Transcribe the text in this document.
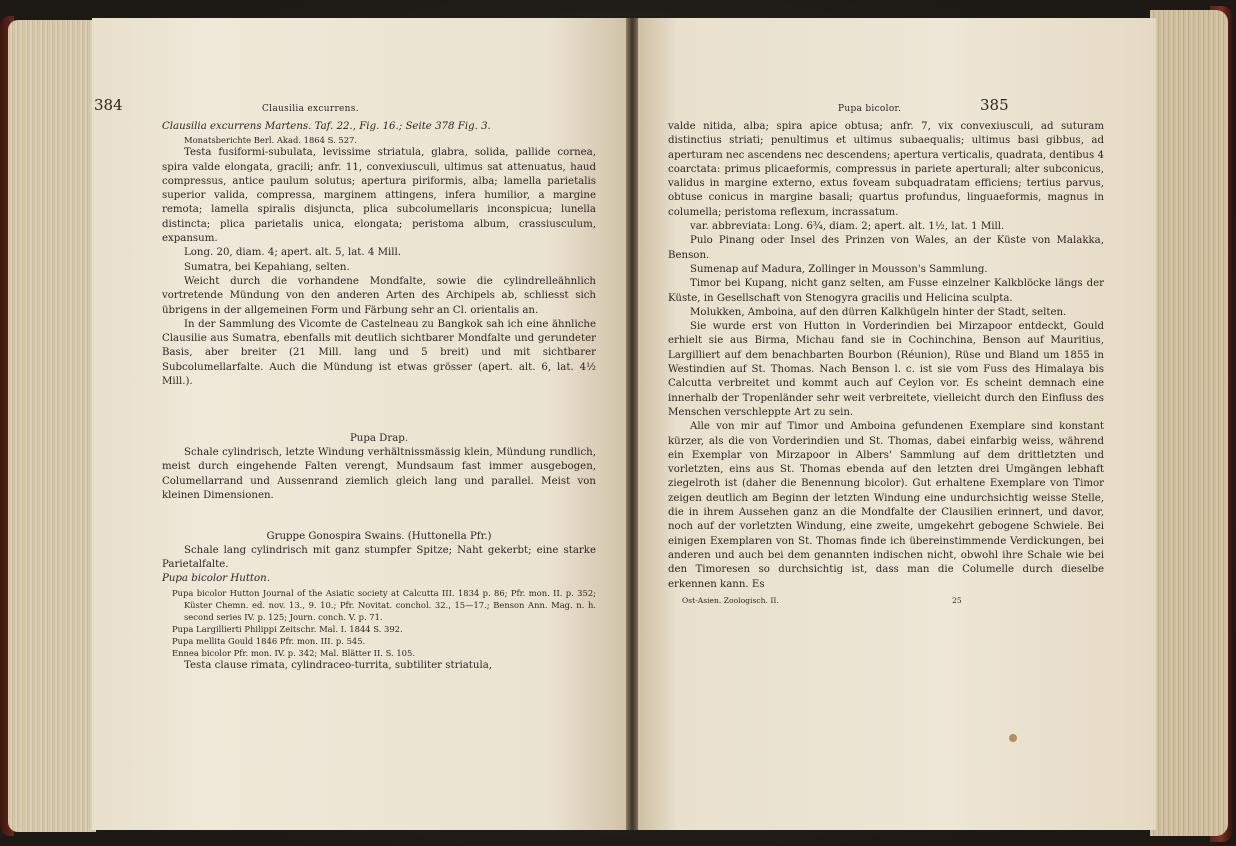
384	Clausilia excurrens.

Clausilia excurrens Martens. Taf. 22., Fig. 16.; Seite 378 Fig. 3.

Monatsberichte Berl. Akad. 1864 S. 527.

Testa fusiformi-subulata, levissime striatula, glabra, solida, pallide cornea, spira valde elongata, gracili; anfr. 11, convexiusculi, ultimus sat attenuatus, haud compressus, antice paulum solutus; apertura piriformis, alba; lamella parietalis superior valida, compressa, marginem attingens, infera humilior, a margine remota; lamella spiralis disjuncta, plica subcolumellaris inconspicua; lunella distincta; plica parietalis unica, elongata; peristoma album, crassiusculum, expansum.

Long. 20, diam. 4; apert. alt. 5, lat. 4 Mill.

Sumatra, bei Kepahiang, selten.

Weicht durch die vorhandene Mondfalte, sowie die cylindrelleähnlich vortretende Mündung von den anderen Arten des Archipels ab, schliesst sich übrigens in der allgemeinen Form und Färbung sehr an Cl. orientalis an.

In der Sammlung des Vicomte de Castelneau zu Bangkok sah ich eine ähnliche Clausilie aus Sumatra, ebenfalls mit deutlich sichtbarer Mondfalte und gerundeter Basis, aber breiter (21 Mill. lang und 5 breit) und mit sichtbarer Subcolumellarfalte. Auch die Mündung ist etwas grösser (apert. alt. 6, lat. 4½ Mill.).

Pupa Drap.

Schale cylindrisch, letzte Windung verhältnissmässig klein, Mündung rundlich, meist durch eingehende Falten verengt, Mundsaum fast immer ausgebogen, Columellarrand und Aussenrand ziemlich gleich lang und parallel. Meist von kleinen Dimensionen.

Gruppe Gonospira Swains. (Huttonella Pfr.)

Schale lang cylindrisch mit ganz stumpfer Spitze; Naht gekerbt; eine starke Parietalfalte.

Pupa bicolor Hutton.

Pupa bicolor Hutton Journal of the Asiatic society at Calcutta III. 1834 p. 86; Pfr. mon. II. p. 352; Küster Chemn. ed. nov. 13., 9. 10.; Pfr. Novitat. conchol. 32., 15—17.; Benson Ann. Mag. n. h. second series IV. p. 125; Journ. conch. V. p. 71.

Pupa Largillierti Philippi Zeitschr. Mal. I. 1844 S. 392.

Pupa mellita Gould 1846 Pfr. mon. III. p. 545.

Ennea bicolor Pfr. mon. IV. p. 342; Mal. Blätter II. S. 105.

Testa clause rimata, cylindraceo-turrita, subtiliter striatula,

Pupa bicolor.	385

valde nitida, alba; spira apice obtusa; anfr. 7, vix convexiusculi, ad suturam distinctius striati; penultimus et ultimus subaequalis; ultimus basi gibbus, ad aperturam nec ascendens nec descendens; apertura verticalis, quadrata, dentibus 4 coarctata: primus plicaeformis, compressus in pariete aperturali; alter subconicus, validus in margine externo, extus foveam subquadratam efficiens; tertius parvus, obtuse conicus in margine basali; quartus profundus, linguaeformis, magnus in columella; peristoma reflexum, incrassatum.

var. abbreviata: Long. 6¾, diam. 2; apert. alt. 1½, lat. 1 Mill.

Pulo Pinang oder Insel des Prinzen von Wales, an der Küste von Malakka, Benson.

Sumenap auf Madura, Zollinger in Mousson's Sammlung.

Timor bei Kupang, nicht ganz selten, am Fusse einzelner Kalkblöcke längs der Küste, in Gesellschaft von Stenogyra gracilis und Helicina sculpta.

Molukken, Amboina, auf den dürren Kalkhügeln hinter der Stadt, selten.

Sie wurde erst von Hutton in Vorderindien bei Mirzapoor entdeckt, Gould erhielt sie aus Birma, Michau fand sie in Cochinchina, Benson auf Mauritius, Largilliert auf dem benachbarten Bourbon (Réunion), Rüse und Bland um 1855 in Westindien auf St. Thomas. Nach Benson l. c. ist sie vom Fuss des Himalaya bis Calcutta verbreitet und kommt auch auf Ceylon vor. Es scheint demnach eine innerhalb der Tropenländer sehr weit verbreitete, vielleicht durch den Einfluss des Menschen verschleppte Art zu sein.

Alle von mir auf Timor und Amboina gefundenen Exemplare sind konstant kürzer, als die von Vorderindien und St. Thomas, dabei einfarbig weiss, während ein Exemplar von Mirzapoor in Albers' Sammlung auf dem drittletzten und vorletzten, eins aus St. Thomas ebenda auf den letzten drei Umgängen lebhaft ziegelroth ist (daher die Benennung bicolor). Gut erhaltene Exemplare von Timor zeigen deutlich am Beginn der letzten Windung eine undurchsichtig weisse Stelle, die in ihrem Aussehen ganz an die Mondfalte der Clausilien erinnert, und davor, noch auf der vorletzten Windung, eine zweite, umgekehrt gebogene Schwiele. Bei einigen Exemplaren von St. Thomas finde ich übereinstimmende Verdickungen, bei anderen und auch bei dem genannten indischen nicht, obwohl ihre Schale wie bei den Timoresen so durchsichtig ist, dass man die Columelle durch dieselbe erkennen kann. Es

Ost-Asien. Zoologisch. II.	25
